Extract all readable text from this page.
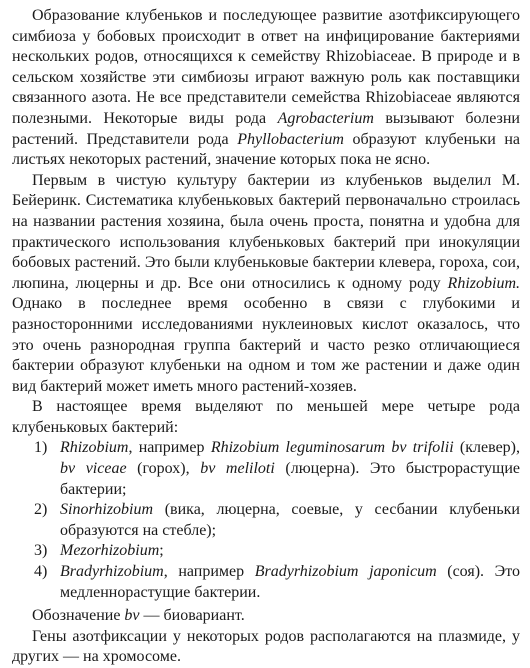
Образование клубеньков и последующее развитие азотфиксирующего симбиоза у бобовых происходит в ответ на инфицирование бактериями нескольких родов, относящихся к семейству Rhizobiaceae. В природе и в сельском хозяйстве эти симбиозы играют важную роль как поставщики связанного азота. Не все представители семейства Rhizobiaceae являются полезными. Некоторые виды рода Agrobacterium вызывают болезни растений. Представители рода Phyllobacterium образуют клубеньки на листьях некоторых растений, значение которых пока не ясно.

Первым в чистую культуру бактерии из клубеньков выделил М. Бейеринк. Систематика клубеньковых бактерий первоначально строилась на названии растения хозяина, была очень проста, понятна и удобна для практического использования клубеньковых бактерий при инокуляции бобовых растений. Это были клубеньковые бактерии клевера, гороха, сои, люпина, люцерны и др. Все они относились к одному роду Rhizobium. Однако в последнее время особенно в связи с глубокими и разносторонними исследованиями нуклеиновых кислот оказалось, что это очень разнородная группа бактерий и часто резко отличающиеся бактерии образуют клубеньки на одном и том же растении и даже один вид бактерий может иметь много растений-хозяев.

В настоящее время выделяют по меньшей мере четыре рода клубеньковых бактерий:

1) Rhizobium, например Rhizobium leguminosarum bv trifolii (клевер), bv viceae (горох), bv meliloti (люцерна). Это быстрорастущие бактерии;
2) Sinorhizobium (вика, люцерна, соевые, у сесбании клубеньки образуются на стебле);
3) Mezorhizobium;
4) Bradyrhizobium, например Bradyrhizobium japonicum (соя). Это медленнорастущие бактерии.

Обозначение bv — биовариант.

Гены азотфиксации у некоторых родов располагаются на плазмиде, у других — на хромосоме.
